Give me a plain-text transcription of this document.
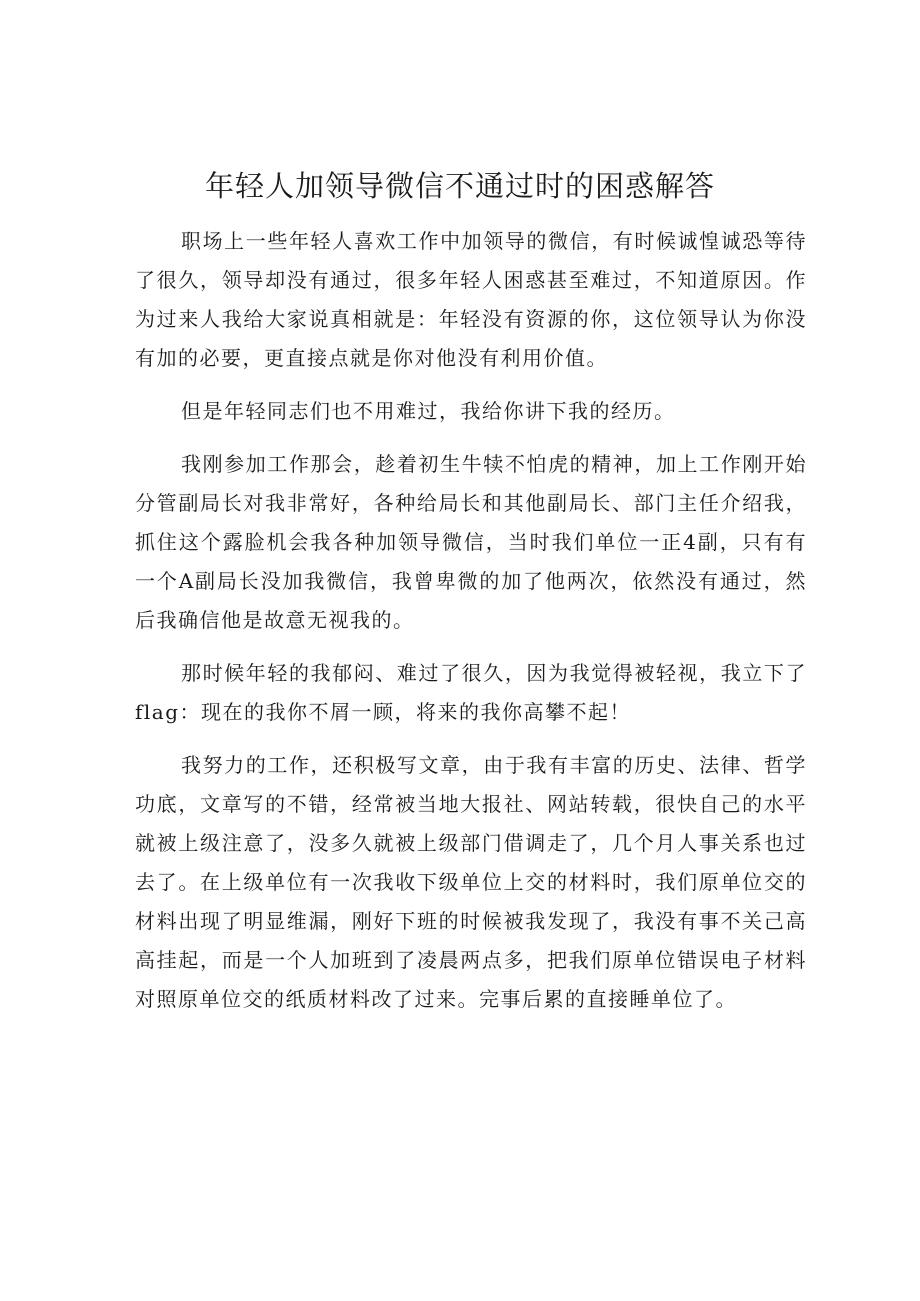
年轻人加领导微信不通过时的困惑解答

职场上一些年轻人喜欢工作中加领导的微信，有时候诚惶诚恐等待了很久，领导却没有通过，很多年轻人困惑甚至难过，不知道原因。作为过来人我给大家说真相就是：年轻没有资源的你，这位领导认为你没有加的必要，更直接点就是你对他没有利用价值。

但是年轻同志们也不用难过，我给你讲下我的经历。

我刚参加工作那会，趁着初生牛犊不怕虎的精神，加上工作刚开始分管副局长对我非常好，各种给局长和其他副局长、部门主任介绍我，抓住这个露脸机会我各种加领导微信，当时我们单位一正4副，只有有一个A副局长没加我微信，我曾卑微的加了他两次，依然没有通过，然后我确信他是故意无视我的。

那时候年轻的我郁闷、难过了很久，因为我觉得被轻视，我立下了flag：现在的我你不屑一顾，将来的我你高攀不起！

我努力的工作，还积极写文章，由于我有丰富的历史、法律、哲学功底，文章写的不错，经常被当地大报社、网站转载，很快自己的水平就被上级注意了，没多久就被上级部门借调走了，几个月人事关系也过去了。在上级单位有一次我收下级单位上交的材料时，我们原单位交的材料出现了明显维漏，刚好下班的时候被我发现了，我没有事不关己高高挂起，而是一个人加班到了凌晨两点多，把我们原单位错误电子材料对照原单位交的纸质材料改了过来。完事后累的直接睡单位了。
